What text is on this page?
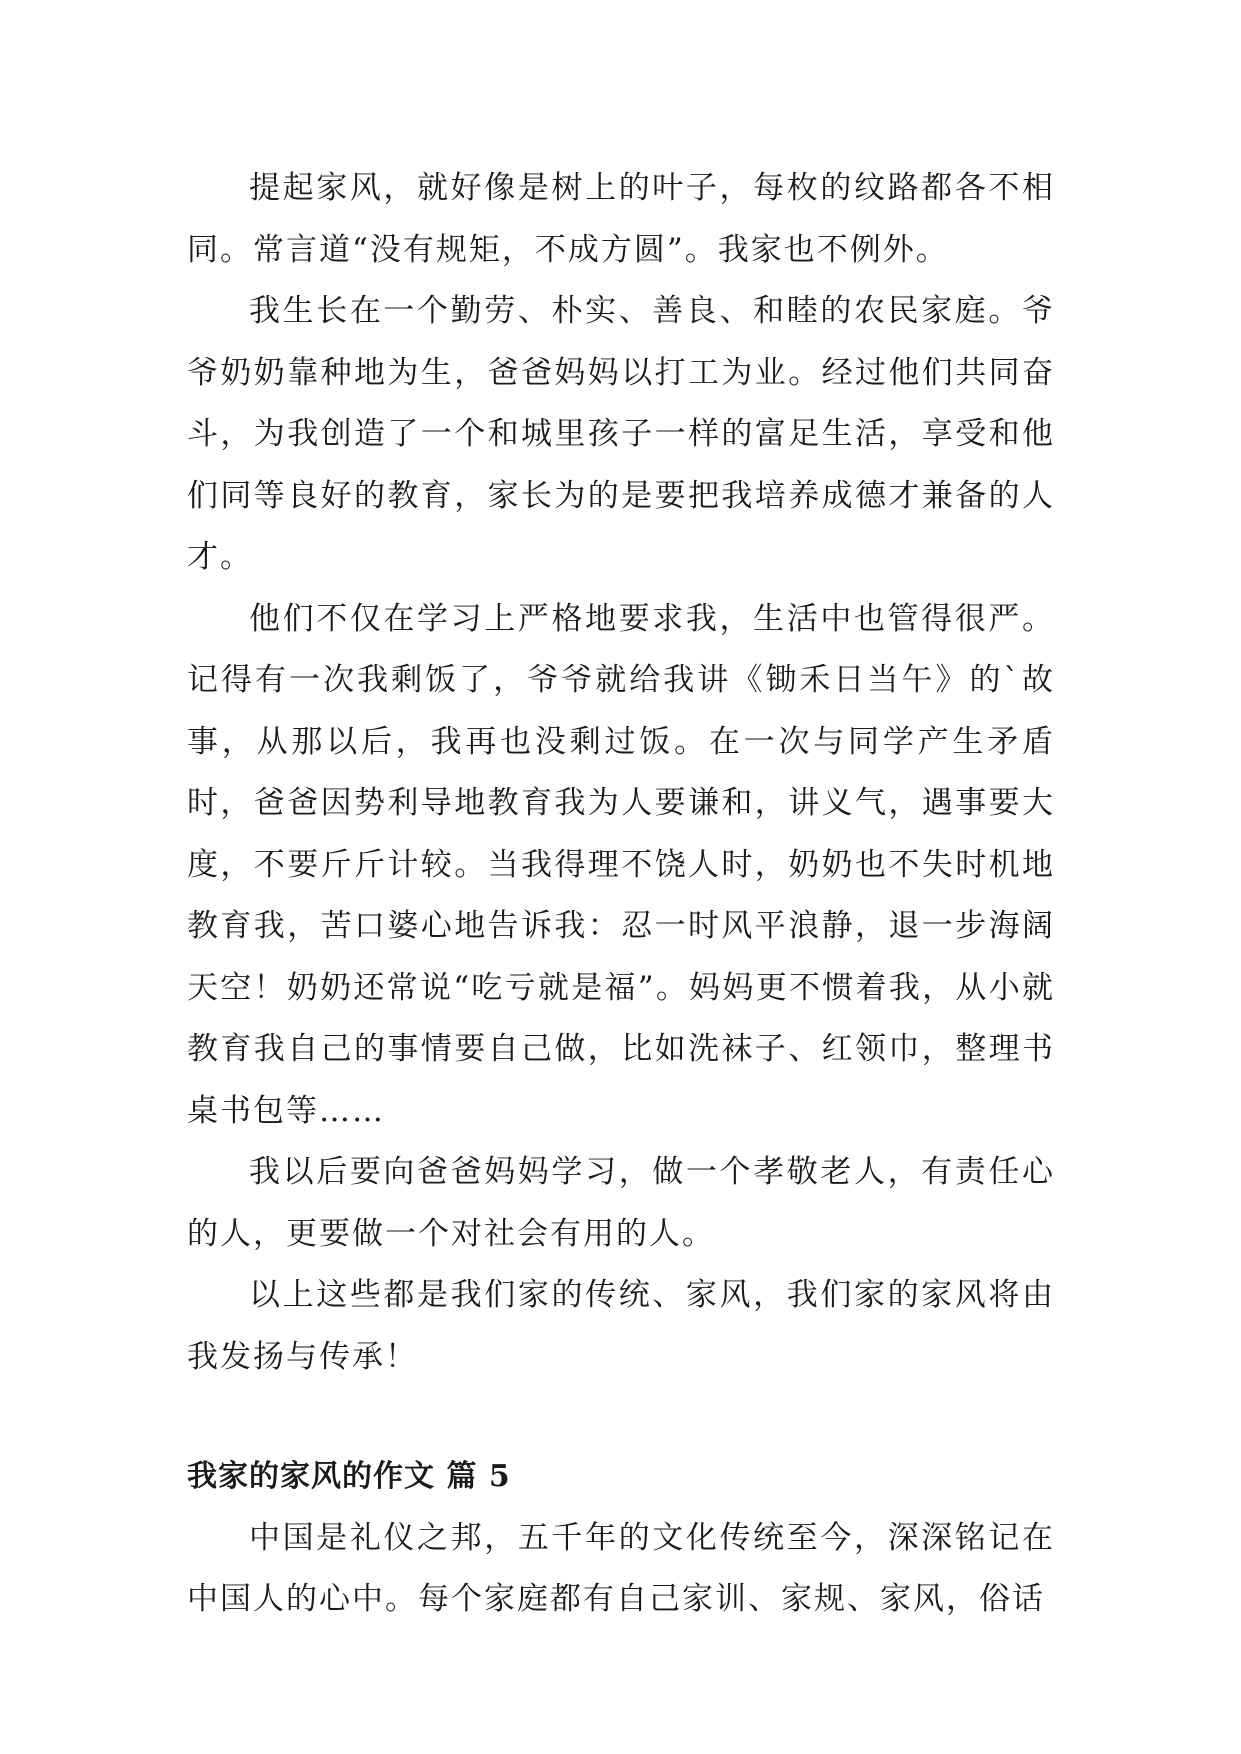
提起家风，就好像是树上的叶子，每枚的纹路都各不相同。常言道“没有规矩，不成方圆”。我家也不例外。

我生长在一个勤劳、朴实、善良、和睦的农民家庭。爷爷奶奶靠种地为生，爸爸妈妈以打工为业。经过他们共同奋斗，为我创造了一个和城里孩子一样的富足生活，享受和他们同等良好的教育，家长为的是要把我培养成德才兼备的人才。

他们不仅在学习上严格地要求我，生活中也管得很严。记得有一次我剩饭了，爷爷就给我讲《锄禾日当午》的`故事，从那以后，我再也没剩过饭。在一次与同学产生矛盾时，爸爸因势利导地教育我为人要谦和，讲义气，遇事要大度，不要斤斤计较。当我得理不饶人时，奶奶也不失时机地教育我，苦口婆心地告诉我：忍一时风平浪静，退一步海阔天空！奶奶还常说“吃亏就是福”。妈妈更不惯着我，从小就教育我自己的事情要自己做，比如洗袜子、红领巾，整理书桌书包等……

我以后要向爸爸妈妈学习，做一个孝敬老人，有责任心的人，更要做一个对社会有用的人。

以上这些都是我们家的传统、家风，我们家的家风将由我发扬与传承！

我家的家风的作文 篇 5

中国是礼仪之邦，五千年的文化传统至今，深深铭记在中国人的心中。每个家庭都有自己家训、家规、家风，俗话
